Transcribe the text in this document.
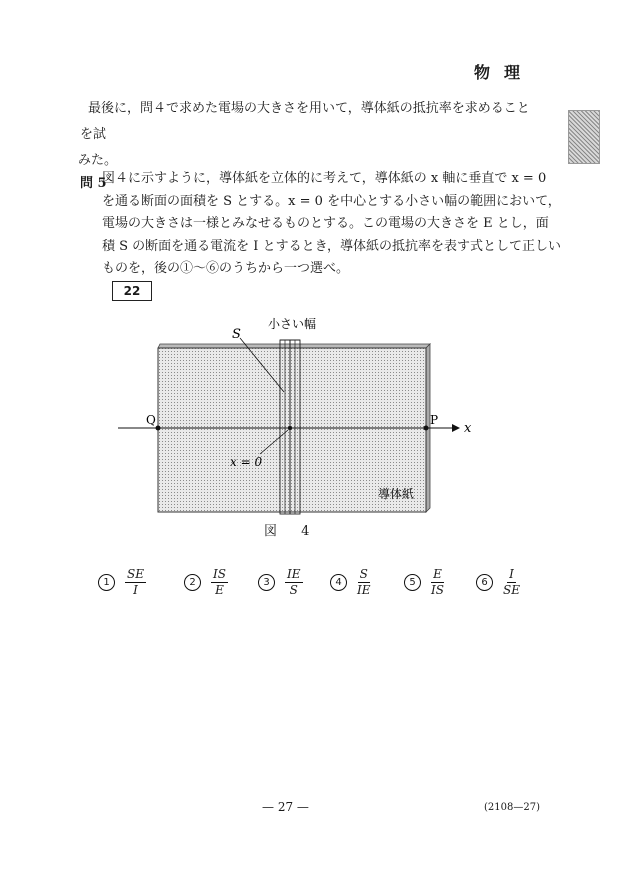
物理
最後に，問４で求めた電場の大きさを用いて，導体紙の抵抗率を求めることを試
みた。
問 5
図４に示すように，導体紙を立体的に考えて，導体紙の x 軸に垂直で x = 0
を通る断面の面積を S とする。x = 0 を中心とする小さい幅の範囲において，
電場の大きさは一様とみなせるものとする。この電場の大きさを E とし，面
積 S の断面を通る電流を I とするとき，導体紙の抵抗率を表す式として正しい
ものを，後の①～⑥のうちから一つ選べ。
22
S
小さい幅
Q	P
x
x = 0
導体紙
図 4
1	$\frac{SE}{I}$	2	$\frac{IS}{E}$	3	$\frac{IE}{S}$	4	$\frac{S}{IE}$	5	$\frac{E}{IS}$	6	$\frac{I}{SE}$
— 27 —	(2108—27)
